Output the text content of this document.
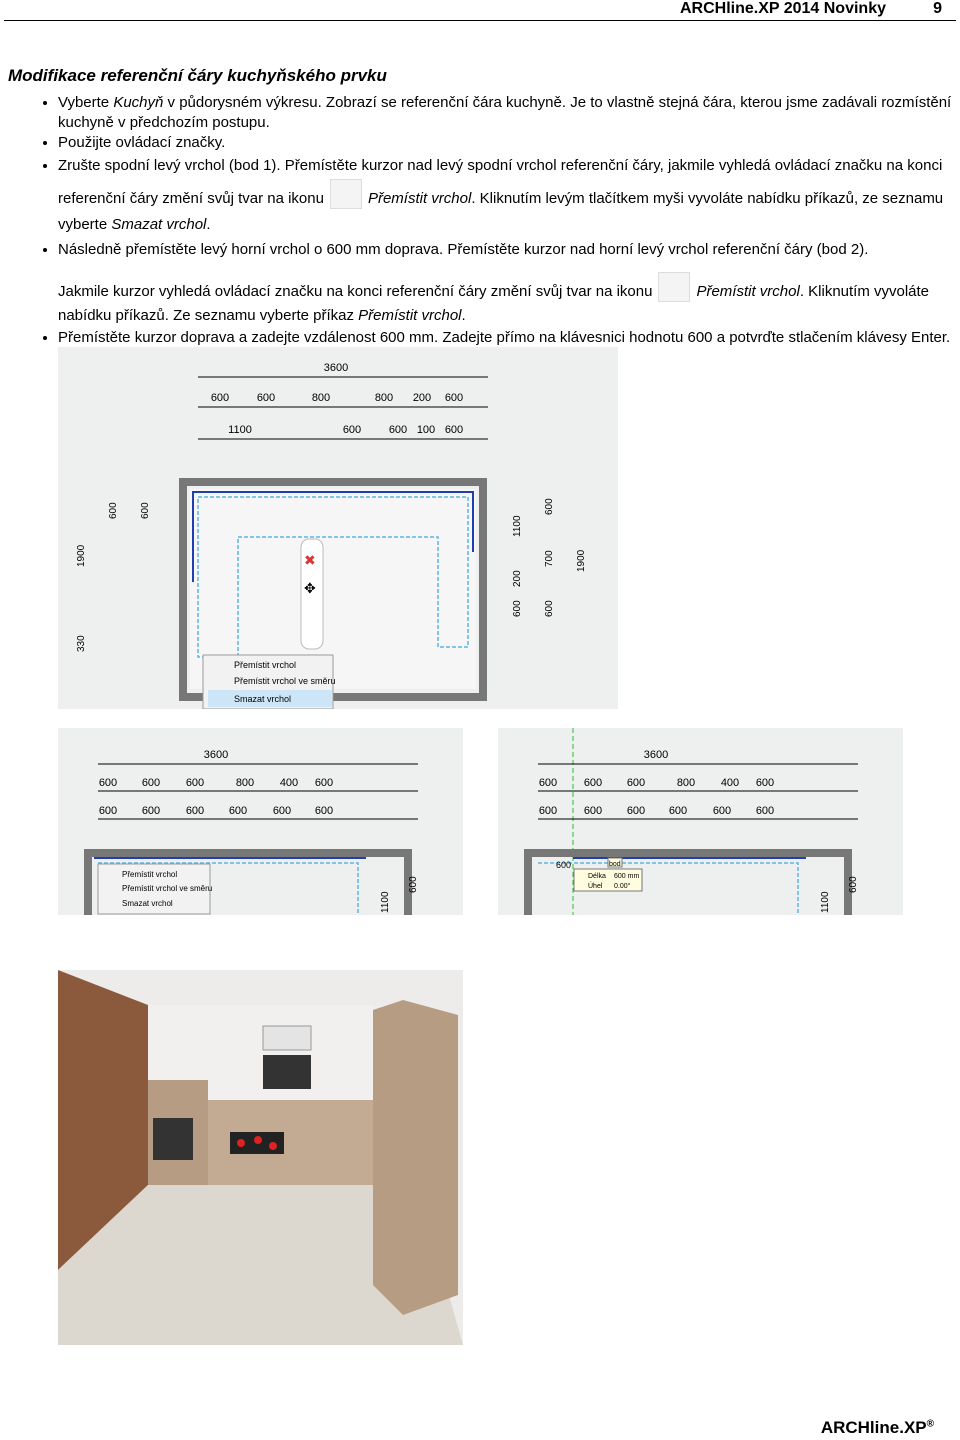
ARCHline.XP 2014 Novinky	9
Modifikace referenční čáry kuchyňského prvku
• Vyberte Kuchyň v půdorysném výkresu. Zobrazí se referenční čára kuchyně. Je to vlastně stejná čára, kterou jsme zadávali rozmístění kuchyně v předchozím postupu.
• Použijte ovládací značky.
• Zrušte spodní levý vrchol (bod 1). Přemístěte kurzor nad levý spodní vrchol referenční čáry, jakmile vyhledá ovládací značku na konci referenční čáry změní svůj tvar na ikonu	Přemístit vrchol. Kliknutím levým tlačítkem myši vyvoláte nabídku příkazů, ze seznamu vyberte Smazat vrchol.
• Následně přemístěte levý horní vrchol o 600 mm doprava. Přemístěte kurzor nad horní levý vrchol referenční čáry (bod 2).
Jakmile kurzor vyhledá ovládací značku na konci referenční čáry změní svůj tvar na ikonu	Přemístit vrchol. Kliknutím vyvoláte nabídku příkazů. Ze seznamu vyberte příkaz Přemístit vrchol.
• Přemístěte kurzor doprava a zadejte vzdálenost 600 mm. Zadejte přímo na klávesnici hodnotu 600 a potvrďte stlačením klávesy Enter.
3600
600	600	800	800 200 600
1100	600	600 100 600
1900
330
600 600
1100
600
200
700
600 600
1900
✖
✥
Přemístit vrchol
Přemístit vrchol ve směru
Smazat vrchol
3600
600 600 600	800 400 600
600 600 600 600 600 600
1100
600
Přemístit vrchol
Přemístit vrchol ve směru
Smazat vrchol
3600
600 600 600	800 400 600
600 600 600 600 600 600
1100
600
600	bod
Délka 600 mm
Úhel 0.00°
ARCHline.XP®
